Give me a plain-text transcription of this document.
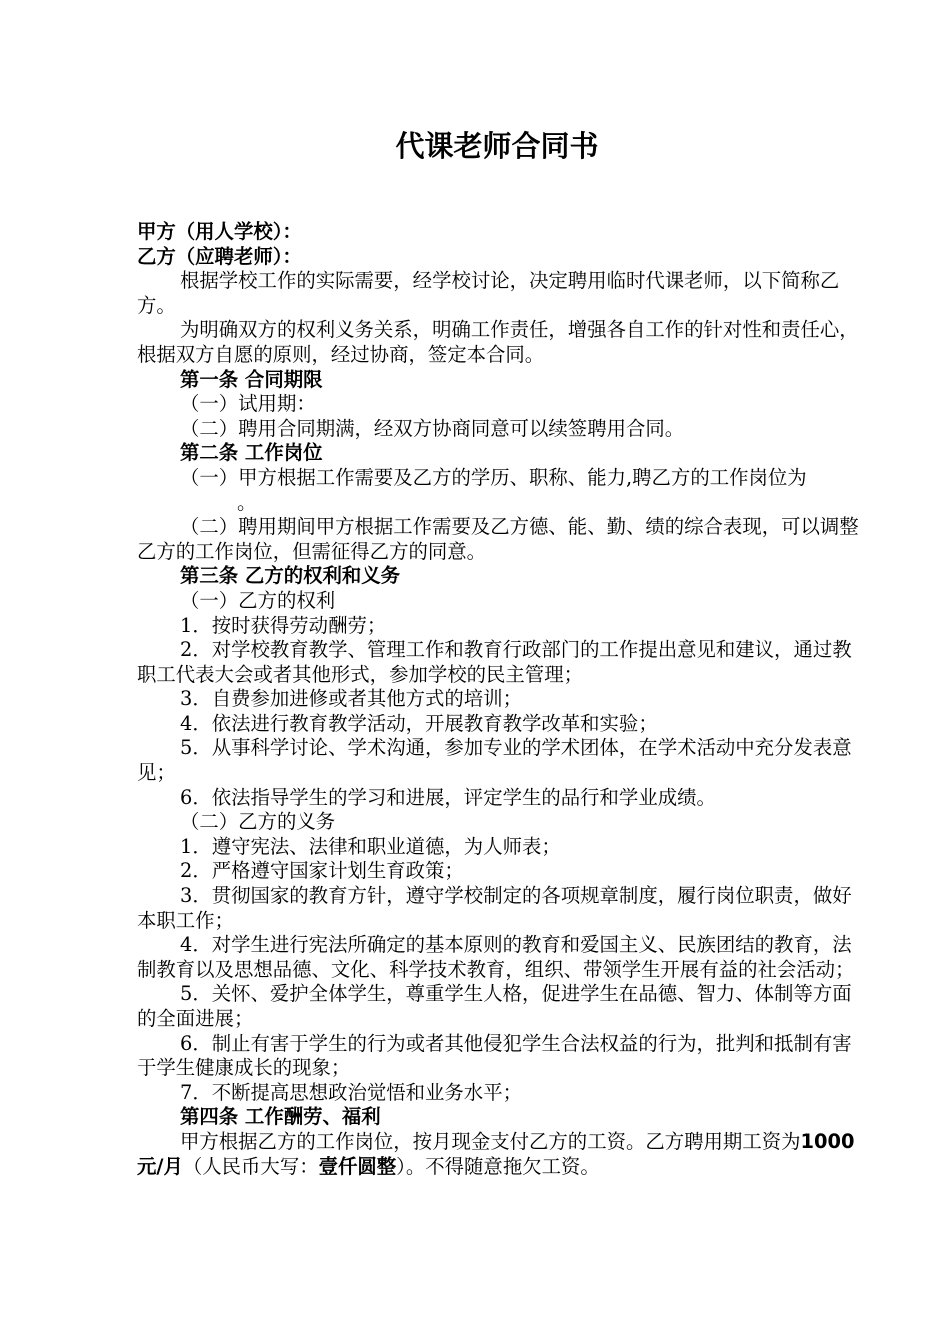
代课老师合同书

甲方（用人学校）：

乙方（应聘老师）：

根据学校工作的实际需要，经学校讨论，决定聘用临时代课老师，以下简称乙方。

为明确双方的权利义务关系，明确工作责任，增强各自工作的针对性和责任心，根据双方自愿的原则，经过协商，签定本合同。

第一条 合同期限

（一）试用期：

（二）聘用合同期满，经双方协商同意可以续签聘用合同。

第二条 工作岗位

（一）甲方根据工作需要及乙方的学历、职称、能力,聘乙方的工作岗位为。

（二）聘用期间甲方根据工作需要及乙方德、能、勤、绩的综合表现，可以调整乙方的工作岗位，但需征得乙方的同意。

第三条 乙方的权利和义务

（一）乙方的权利

1．按时获得劳动酬劳；

2．对学校教育教学、管理工作和教育行政部门的工作提出意见和建议，通过教职工代表大会或者其他形式，参加学校的民主管理；

3．自费参加进修或者其他方式的培训；

4．依法进行教育教学活动，开展教育教学改革和实验；

5．从事科学讨论、学术沟通，参加专业的学术团体，在学术活动中充分发表意见；

6．依法指导学生的学习和进展，评定学生的品行和学业成绩。

（二）乙方的义务

1．遵守宪法、法律和职业道德，为人师表；

2．严格遵守国家计划生育政策；

3．贯彻国家的教育方针，遵守学校制定的各项规章制度，履行岗位职责，做好本职工作；

4．对学生进行宪法所确定的基本原则的教育和爱国主义、民族团结的教育，法制教育以及思想品德、文化、科学技术教育，组织、带领学生开展有益的社会活动；

5．关怀、爱护全体学生，尊重学生人格，促进学生在品德、智力、体制等方面的全面进展；

6．制止有害于学生的行为或者其他侵犯学生合法权益的行为，批判和抵制有害于学生健康成长的现象；

7．不断提高思想政治觉悟和业务水平；

第四条 工作酬劳、福利

甲方根据乙方的工作岗位，按月现金支付乙方的工资。乙方聘用期工资为1000元/月（人民币大写：壹仟圆整）。不得随意拖欠工资。
